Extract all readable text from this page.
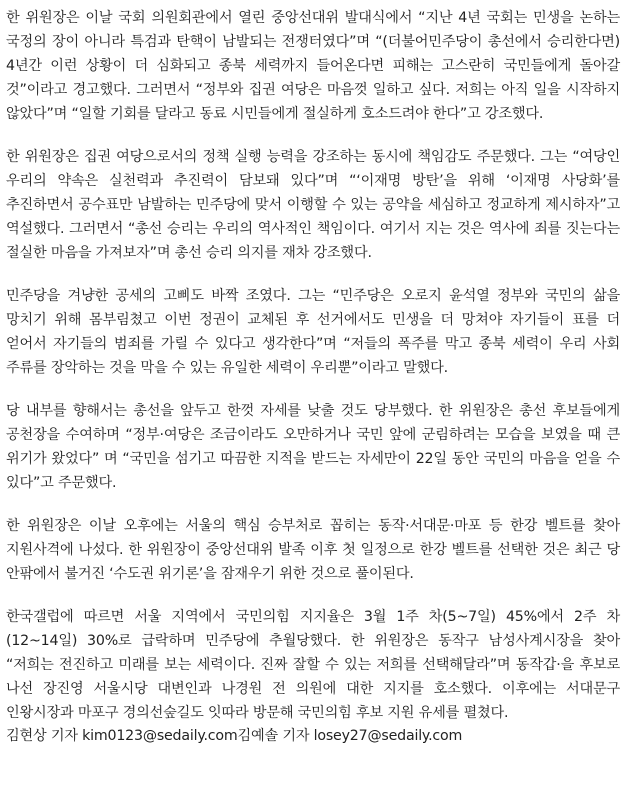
한 위원장은 이날 국회 의원회관에서 열린 중앙선대위 발대식에서 “지난 4년 국회는 민생을 논하는 국정의 장이 아니라 특검과 탄핵이 남발되는 전쟁터였다”며 “(더불어민주당이 총선에서 승리한다면) 4년간 이런 상황이 더 심화되고 종북 세력까지 들어온다면 피해는 고스란히 국민들에게 돌아갈 것”이라고 경고했다. 그러면서 “정부와 집권 여당은 마음껏 일하고 싶다. 저희는 아직 일을 시작하지 않았다”며 “일할 기회를 달라고 동료 시민들에게 절실하게 호소드려야 한다”고 강조했다.

한 위원장은 집권 여당으로서의 정책 실행 능력을 강조하는 동시에 책임감도 주문했다. 그는 “여당인 우리의 약속은 실천력과 추진력이 담보돼 있다”며 “‘이재명 방탄’을 위해 ‘이재명 사당화’를 추진하면서 공수표만 남발하는 민주당에 맞서 이행할 수 있는 공약을 세심하고 정교하게 제시하자”고 역설했다. 그러면서 “총선 승리는 우리의 역사적인 책임이다. 여기서 지는 것은 역사에 죄를 짓는다는 절실한 마음을 가져보자”며 총선 승리 의지를 재차 강조했다.

민주당을 겨냥한 공세의 고삐도 바짝 조였다. 그는 “민주당은 오로지 윤석열 정부와 국민의 삶을 망치기 위해 몸부림쳤고 이번 정권이 교체된 후 선거에서도 민생을 더 망쳐야 자기들이 표를 더 얻어서 자기들의 범죄를 가릴 수 있다고 생각한다”며 “저들의 폭주를 막고 종북 세력이 우리 사회 주류를 장악하는 것을 막을 수 있는 유일한 세력이 우리뿐”이라고 말했다.

당 내부를 향해서는 총선을 앞두고 한껏 자세를 낮출 것도 당부했다. 한 위원장은 총선 후보들에게 공천장을 수여하며 “정부·여당은 조금이라도 오만하거나 국민 앞에 군림하려는 모습을 보였을 때 큰 위기가 왔었다” 며 “국민을 섬기고 따끔한 지적을 받드는 자세만이 22일 동안 국민의 마음을 얻을 수 있다”고 주문했다.

한 위원장은 이날 오후에는 서울의 핵심 승부처로 꼽히는 동작·서대문·마포 등 한강 벨트를 찾아 지원사격에 나섰다. 한 위원장이 중앙선대위 발족 이후 첫 일정으로 한강 벨트를 선택한 것은 최근 당 안팎에서 불거진 ‘수도권 위기론’을 잠재우기 위한 것으로 풀이된다.

한국갤럽에 따르면 서울 지역에서 국민의힘 지지율은 3월 1주 차(5~7일) 45%에서 2주 차(12~14일) 30%로 급락하며 민주당에 추월당했다. 한 위원장은 동작구 남성사계시장을 찾아 “저희는 전진하고 미래를 보는 세력이다. 진짜 잘할 수 있는 저희를 선택해달라”며 동작갑·을 후보로 나선 장진영 서울시당 대변인과 나경원 전 의원에 대한 지지를 호소했다. 이후에는 서대문구 인왕시장과 마포구 경의선숲길도 잇따라 방문해 국민의힘 후보 지원 유세를 펼쳤다.

김현상 기자 kim0123@sedaily.com김예솔 기자 losey27@sedaily.com
